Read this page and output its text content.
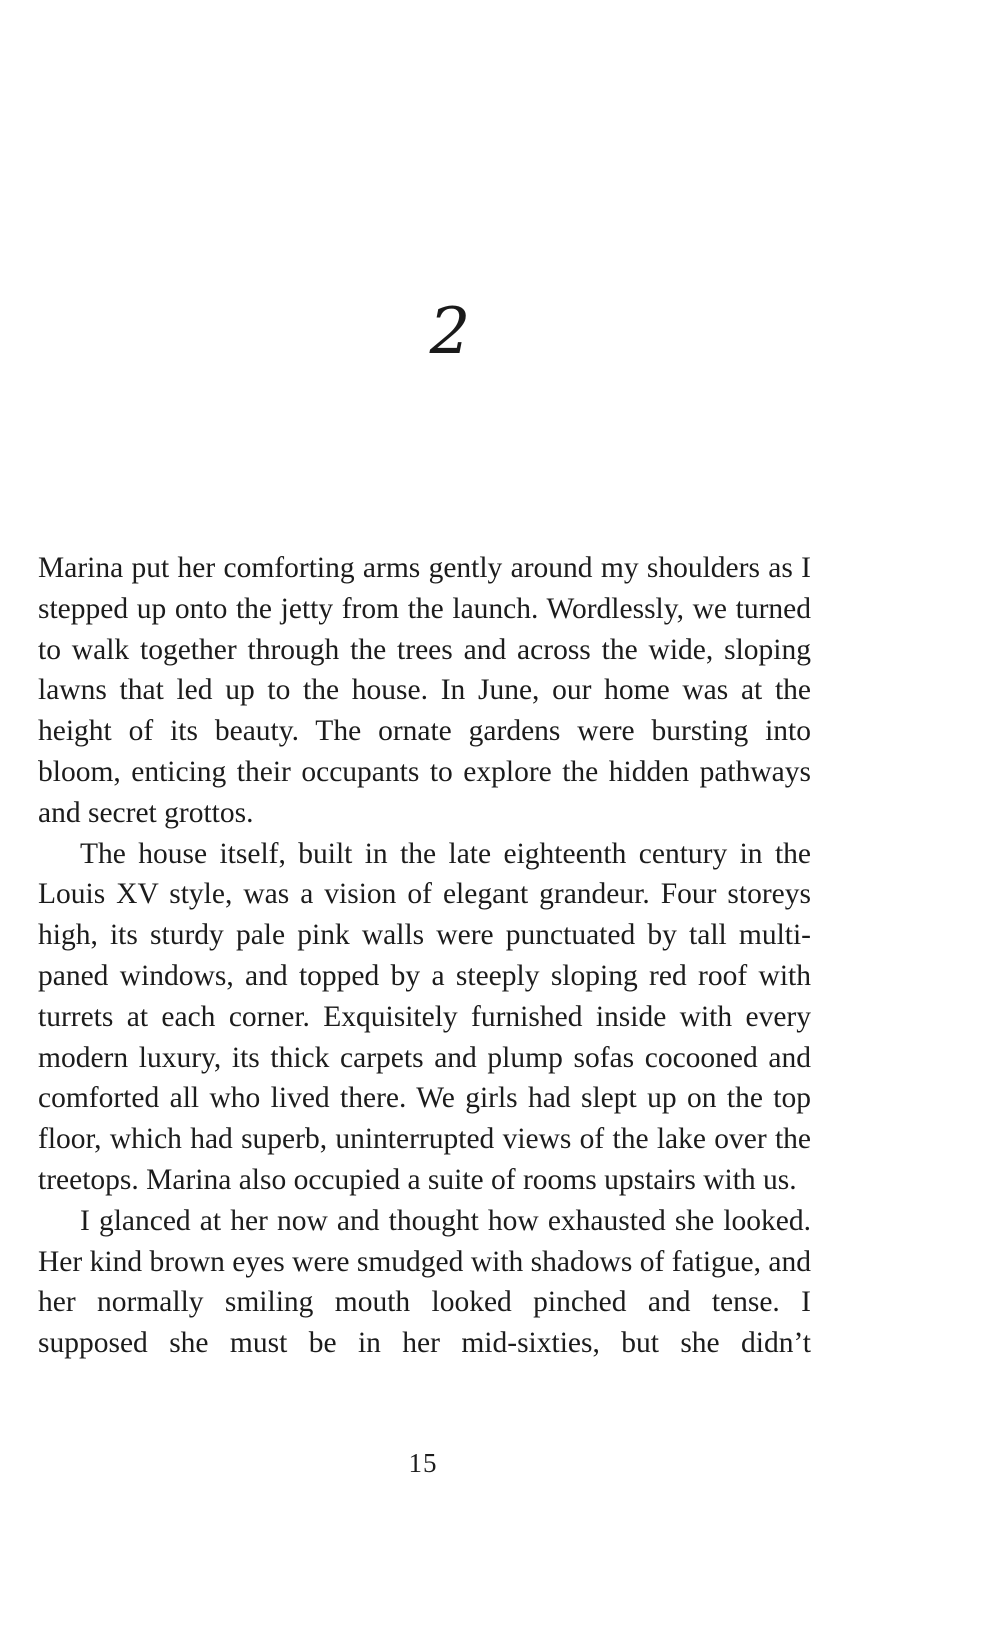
2

Marina put her comforting arms gently around my shoulders as I stepped up onto the jetty from the launch. Wordlessly, we turned to walk together through the trees and across the wide, sloping lawns that led up to the house. In June, our home was at the height of its beauty. The ornate gardens were bursting into bloom, enticing their occupants to explore the hidden pathways and secret grottos.

The house itself, built in the late eighteenth century in the Louis XV style, was a vision of elegant grandeur. Four storeys high, its sturdy pale pink walls were punctuated by tall multi-paned windows, and topped by a steeply sloping red roof with turrets at each corner. Exquisitely furnished inside with every modern luxury, its thick carpets and plump sofas cocooned and comforted all who lived there. We girls had slept up on the top floor, which had superb, uninterrupted views of the lake over the treetops. Marina also occupied a suite of rooms upstairs with us.

I glanced at her now and thought how exhausted she looked. Her kind brown eyes were smudged with shadows of fatigue, and her normally smiling mouth looked pinched and tense. I supposed she must be in her mid-sixties, but she didn’t

15
